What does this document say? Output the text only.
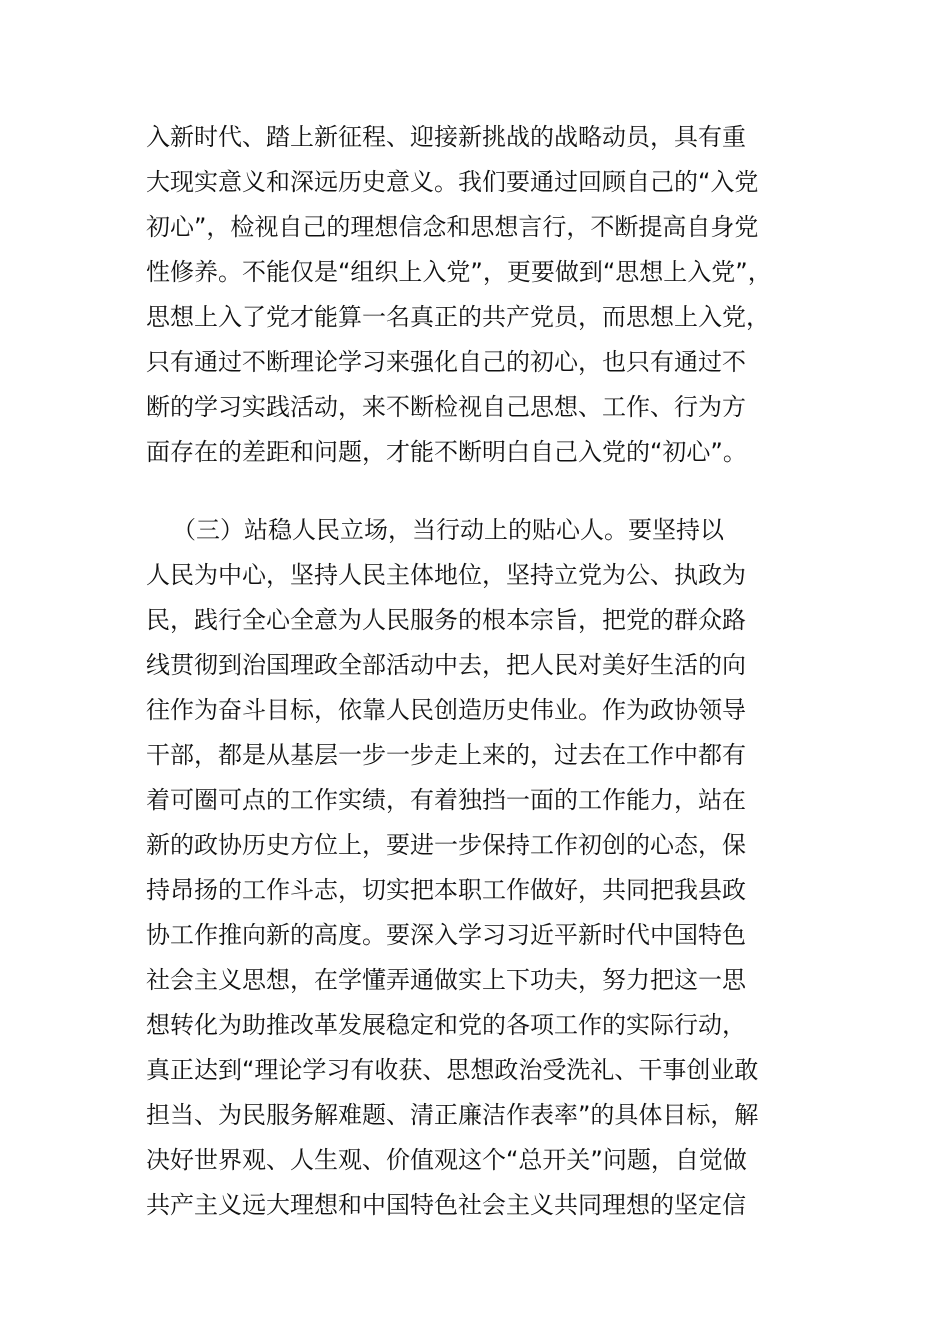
入新时代、踏上新征程、迎接新挑战的战略动员，具有重
大现实意义和深远历史意义。我们要通过回顾自己的“入党
初心”，检视自己的理想信念和思想言行，不断提高自身党
性修养。不能仅是“组织上入党”，更要做到“思想上入党”，
思想上入了党才能算一名真正的共产党员，而思想上入党，
只有通过不断理论学习来强化自己的初心，也只有通过不
断的学习实践活动，来不断检视自己思想、工作、行为方
面存在的差距和问题，才能不断明白自己入党的“初心”。
（三）站稳人民立场，当行动上的贴心人。要坚持以
人民为中心，坚持人民主体地位，坚持立党为公、执政为
民，践行全心全意为人民服务的根本宗旨，把党的群众路
线贯彻到治国理政全部活动中去，把人民对美好生活的向
往作为奋斗目标，依靠人民创造历史伟业。作为政协领导
干部，都是从基层一步一步走上来的，过去在工作中都有
着可圈可点的工作实绩，有着独挡一面的工作能力，站在
新的政协历史方位上，要进一步保持工作初创的心态，保
持昂扬的工作斗志，切实把本职工作做好，共同把我县政
协工作推向新的高度。要深入学习习近平新时代中国特色
社会主义思想，在学懂弄通做实上下功夫，努力把这一思
想转化为助推改革发展稳定和党的各项工作的实际行动，
真正达到“理论学习有收获、思想政治受洗礼、干事创业敢
担当、为民服务解难题、清正廉洁作表率”的具体目标，解
决好世界观、人生观、价值观这个“总开关”问题，自觉做
共产主义远大理想和中国特色社会主义共同理想的坚定信
